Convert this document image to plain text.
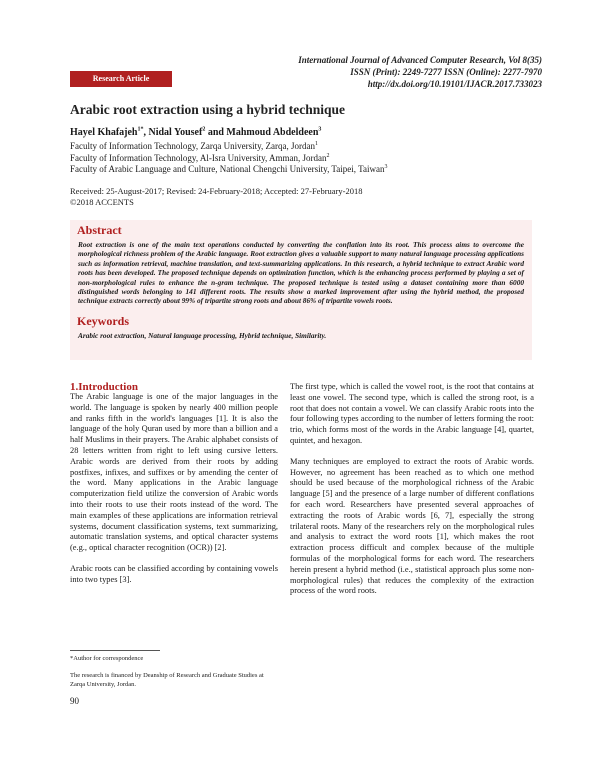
International Journal of Advanced Computer Research, Vol 8(35)
ISSN (Print): 2249-7277 ISSN (Online): 2277-7970
http://dx.doi.org/10.19101/IJACR.2017.733023
Research Article
Arabic root extraction using a hybrid technique
Hayel Khafajeh$^{1*}$, Nidal Yousef$^2$ and Mahmoud Abdeldeen$^3$
Faculty of Information Technology, Zarqa University, Zarqa, Jordan$^1$
Faculty of Information Technology, Al-Isra University, Amman, Jordan$^2$
Faculty of Arabic Language and Culture, National Chengchi University, Taipei, Taiwan$^3$
Received: 25-August-2017; Revised: 24-February-2018; Accepted: 27-February-2018
©2018 ACCENTS
Abstract
Root extraction is one of the main text operations conducted by converting the conflation into its root. This process aims to overcome the morphological richness problem of the Arabic language. Root extraction gives a valuable support to many natural language processing applications such as information retrieval, machine translation, and text-summarizing applications. In this research, a hybrid technique to extract Arabic word roots has been developed. The proposed technique depends on optimization function, which is the enhancing process performed by playing a set of non-morphological rules to enhance the n-gram technique. The proposed technique is tested using a dataset containing more than 6000 distinguished words belonging to 141 different roots. The results show a marked improvement after using the hybrid method, the proposed technique extracts correctly about 99% of tripartite strong roots and about 86% of tripartite vowels roots.
Keywords
Arabic root extraction, Natural language processing, Hybrid technique, Similarity.
1.Introduction

The Arabic language is one of the major languages in the world. The language is spoken by nearly 400 million people and ranks fifth in the world's languages [1]. It is also the language of the holy Quran used by more than a billion and a half Muslims in their prayers. The Arabic alphabet consists of 28 letters written from right to left using cursive letters. Arabic words are derived from their roots by adding postfixes, infixes, and suffixes or by amending the center of the word. Many applications in the Arabic language computerization field utilize the conversion of Arabic words into their roots to use their roots instead of the word. The main examples of these applications are information retrieval systems, document classification systems, text summarizing, automatic translation systems, and optical character systems (e.g., optical character recognition (OCR)) [2].

Arabic roots can be classified according by containing vowels into two types [3].

The first type, which is called the vowel root, is the root that contains at least one vowel. The second type, which is called the strong root, is a root that does not contain a vowel. We can classify Arabic roots into the four following types according to the number of letters forming the root: trio, which forms most of the words in the Arabic language [4], quartet, quintet, and hexagon.

Many techniques are employed to extract the roots of Arabic words. However, no agreement has been reached as to which one method should be used because of the morphological richness of the Arabic language [5] and the presence of a large number of different conflations for each word. Researchers have presented several approaches of extracting the roots of Arabic words [6, 7], especially the strong trilateral roots. Many of the researchers rely on the morphological rules and analysis to extract the word roots [1], which makes the root extraction process difficult and complex because of the multiple formulas of the morphological forms for each word. The researchers herein present a hybrid method (i.e., statistical approach plus some non-morphological rules) that reduces the complexity of the extraction process of the word roots.

*Author for correspondence
The research is financed by Deanship of Research and Graduate Studies at Zarqa University, Jordan.
90
